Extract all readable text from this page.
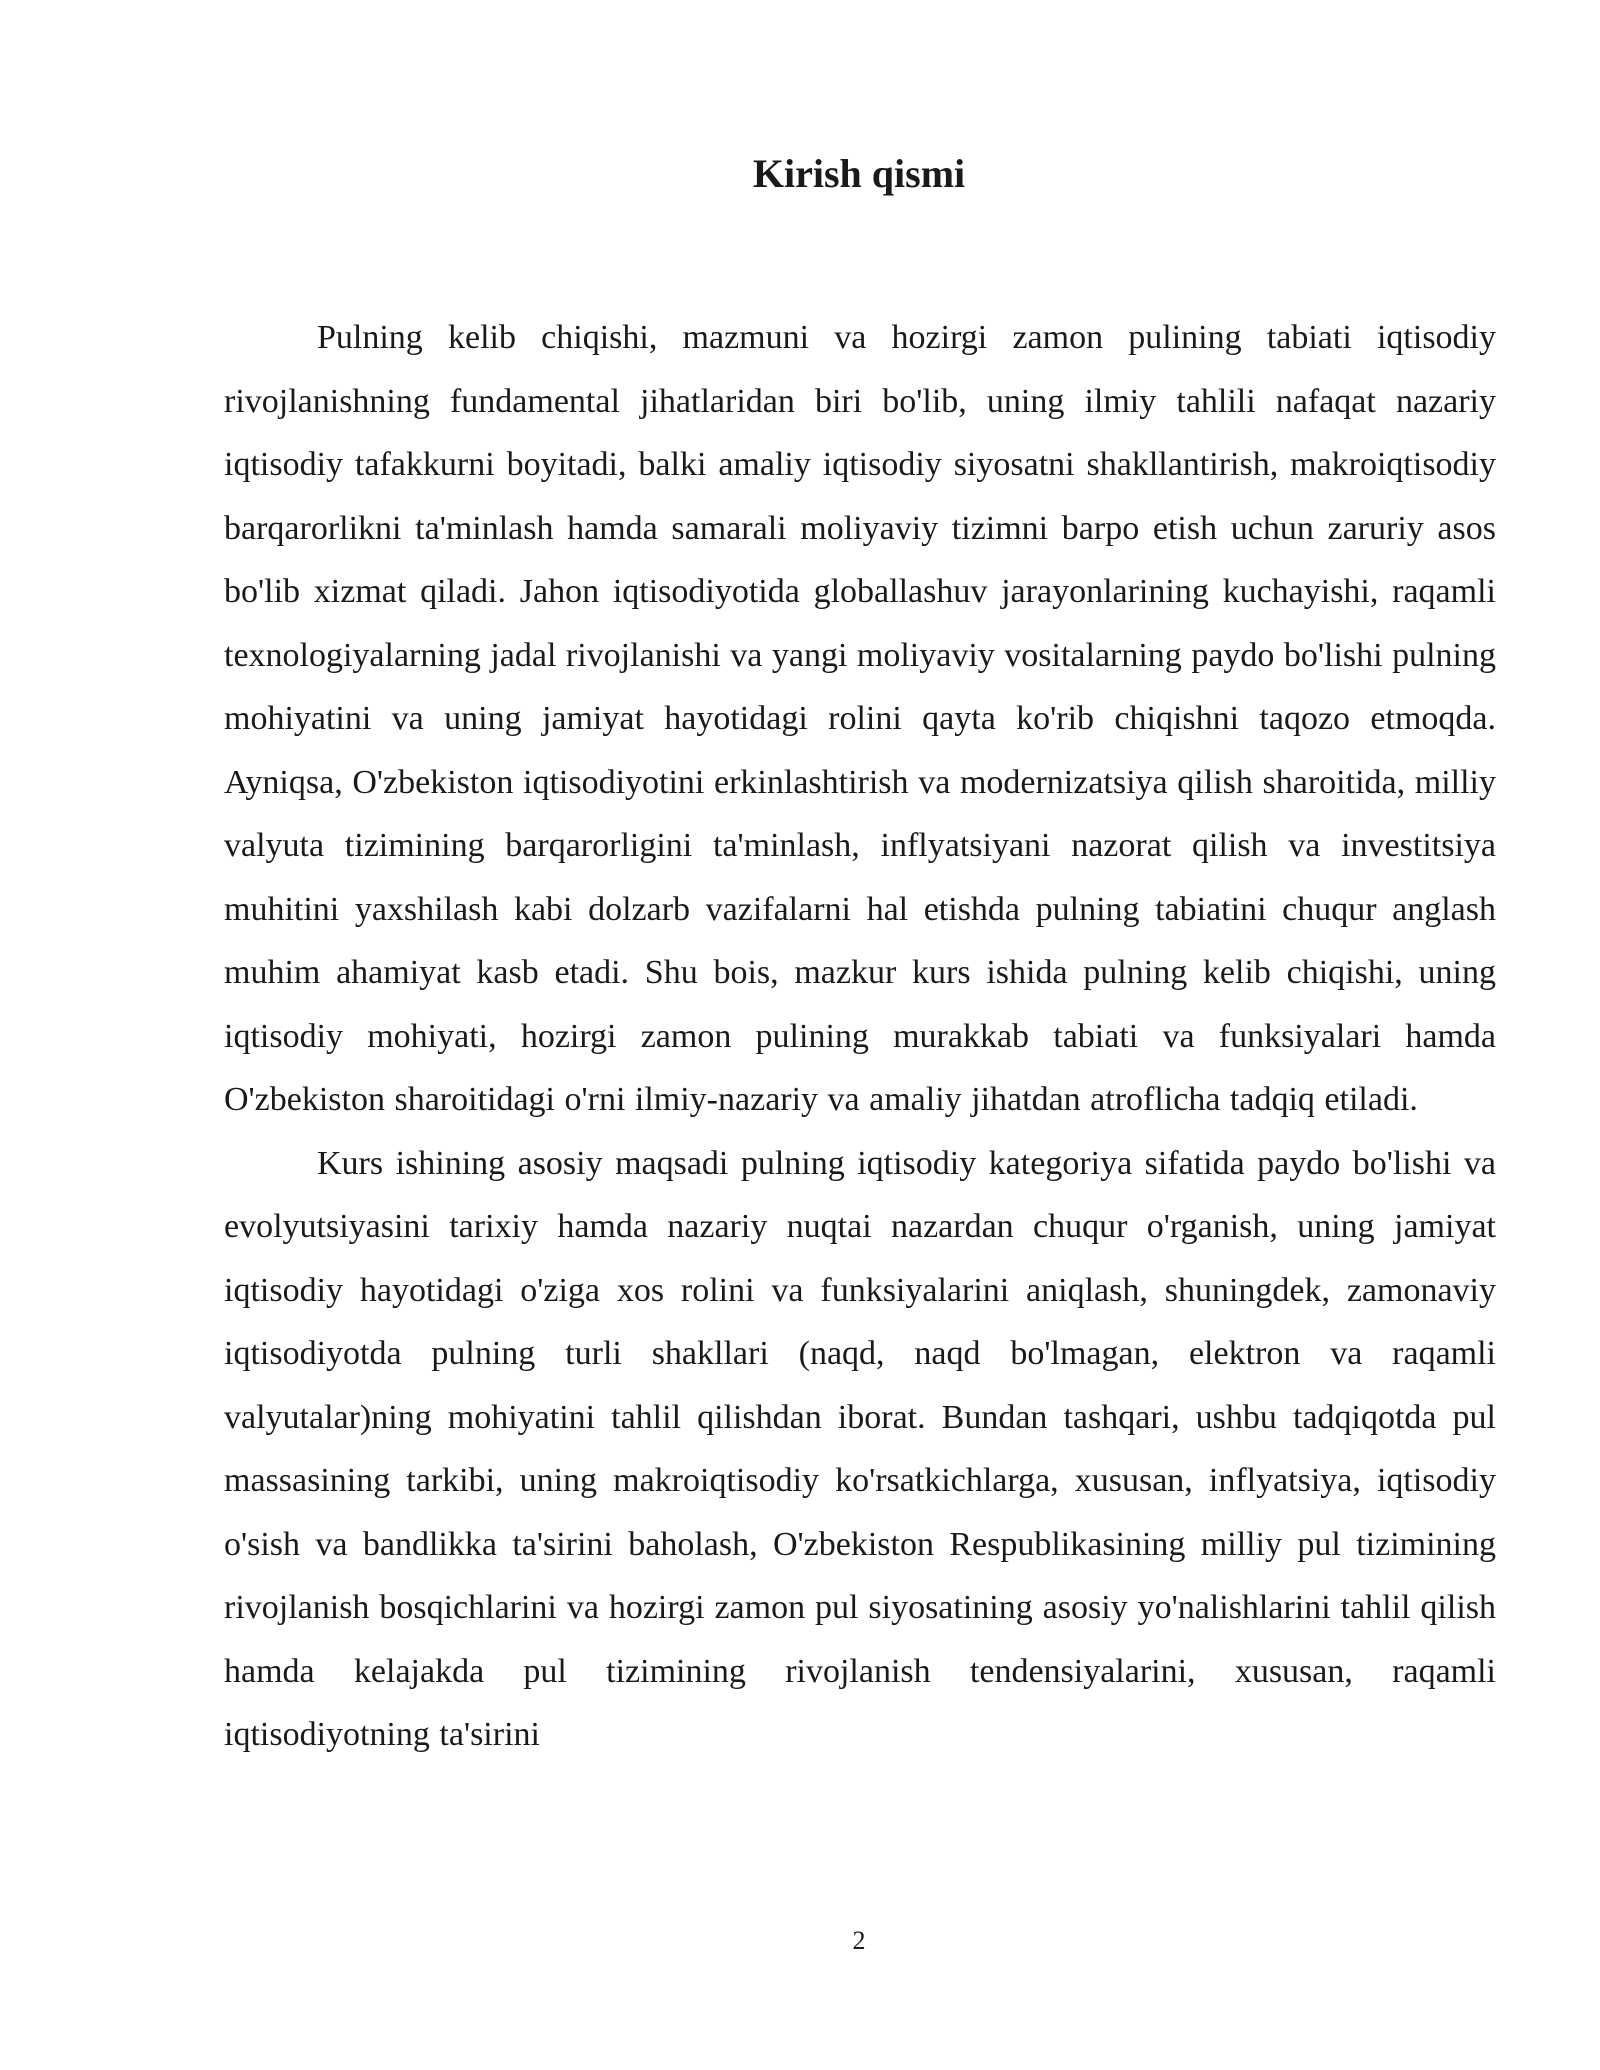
Kirish qismi

Pulning kelib chiqishi, mazmuni va hozirgi zamon pulining tabiati iqtisodiy rivojlanishning fundamental jihatlaridan biri bo'lib, uning ilmiy tahlili nafaqat nazariy iqtisodiy tafakkurni boyitadi, balki amaliy iqtisodiy siyosatni shakllantirish, makroiqtisodiy barqarorlikni ta'minlash hamda samarali moliyaviy tizimni barpo etish uchun zaruriy asos bo'lib xizmat qiladi. Jahon iqtisodiyotida globallashuv jarayonlarining kuchayishi, raqamli texnologiyalarning jadal rivojlanishi va yangi moliyaviy vositalarning paydo bo'lishi pulning mohiyatini va uning jamiyat hayotidagi rolini qayta ko'rib chiqishni taqozo etmoqda. Ayniqsa, O'zbekiston iqtisodiyotini erkinlashtirish va modernizatsiya qilish sharoitida, milliy valyuta tizimining barqarorligini ta'minlash, inflyatsiyani nazorat qilish va investitsiya muhitini yaxshilash kabi dolzarb vazifalarni hal etishda pulning tabiatini chuqur anglash muhim ahamiyat kasb etadi. Shu bois, mazkur kurs ishida pulning kelib chiqishi, uning iqtisodiy mohiyati, hozirgi zamon pulining murakkab tabiati va funksiyalari hamda O'zbekiston sharoitidagi o'rni ilmiy-nazariy va amaliy jihatdan atroflicha tadqiq etiladi.

Kurs ishining asosiy maqsadi pulning iqtisodiy kategoriya sifatida paydo bo'lishi va evolyutsiyasini tarixiy hamda nazariy nuqtai nazardan chuqur o'rganish, uning jamiyat iqtisodiy hayotidagi o'ziga xos rolini va funksiyalarini aniqlash, shuningdek, zamonaviy iqtisodiyotda pulning turli shakllari (naqd, naqd bo'lmagan, elektron va raqamli valyutalar)ning mohiyatini tahlil qilishdan iborat. Bundan tashqari, ushbu tadqiqotda pul massasining tarkibi, uning makroiqtisodiy ko'rsatkichlarga, xususan, inflyatsiya, iqtisodiy o'sish va bandlikka ta'sirini baholash, O'zbekiston Respublikasining milliy pul tizimining rivojlanish bosqichlarini va hozirgi zamon pul siyosatining asosiy yo'nalishlarini tahlil qilish hamda kelajakda pul tizimining rivojlanish tendensiyalarini, xususan, raqamli iqtisodiyotning ta'sirini

2
